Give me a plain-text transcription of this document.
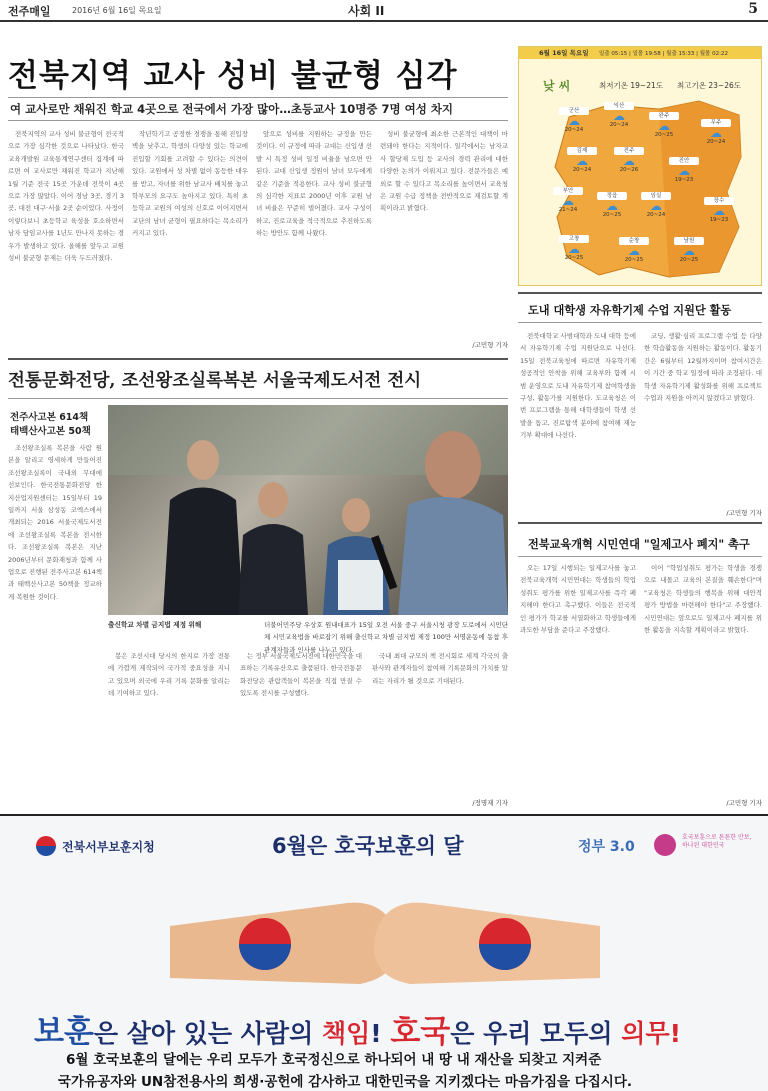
전주매일	2016년 6월 16일 목요일	사회 II	5
전북지역 교사 성비 불균형 심각
여 교사로만 채워진 학교 4곳으로 전국에서 가장 많아…초등교사 10명중 7명 여성 차지

전북지역의 교사 성비 불균형이 전국적으로 가장 심각한 것으로 나타났다. 한국교육개발원 교육통계연구센터 집계에 따르면 여 교사로만 채워진 학교가 지난해 1월 기준 전국 15곳 가운데 전북이 4곳으로 가장 많았다. 이어 경남 3곳, 경기 3곳, 대전 대구·서울 2곳 순이었다. 사정이 이렇다보니 초등학교 육성을 호소하면서 남자 담임교사를 1년도 만나지 못하는 경우가 발생하고 있다. 올해를 앞두고 교원 성비 불균형 문제는 더욱 두드러졌다.

작년학기고 공정한 경쟁을 통해 진입장벽을 낮추고, 학생의 다양성 있는 학교에 진입할 기회를 고려할 수 있다는 의견이 있다. 교원에서 성 차별 없이 동등한 대우를 받고, 자녀를 위한 남교사 배치를 놓고 학부모의 요구도 높아지고 있다. 특히 초등학교 교원의 여성의 신호로 이어지면서 교단의 남녀 균형이 필요하다는 목소리가 커지고 있다.

앞으로 성비를 지원하는 규정을 만든 것이다. 이 규정에 따라 교대는 신입생 선발 시 특정 성비 일정 비율을 넘으면 안 된다. 교대 신입생 정원이 남녀 모두에게 같은 기준을 적용한다. 교사 성비 불균형의 심각한 지표로 2000년 이후 교원 남녀 비율은 꾸준히 벌어졌다. 교사 구성이 하고, 진로교육을 적극적으로 추진하도록 하는 방안도 함께 나왔다.

성비 불균형에 최소한 근본적인 대책이 마련돼야 한다는 지적이다. 일각에서는 남자교사 할당제 도입 등 교사의 경력 관리에 대한 다양한 논의가 이뤄지고 있다. 전문가들은 예외로 할 수 있다고 목소리를 높이면서 교육청은 교원 수급 정책을 전반적으로 재검토할 계획이라고 밝혔다.

/고민형 기자
6월 16일 목요일 일출 05:15 | 일몰 19:58 | 월출 15:33 | 월몰 02:22
낮 씨	최저기온 19~21도 최고기온 23~26도
군산
☁
20~24
익산
☁
20~24
완주
☁
20~25
무주
☁
20~24
김제
☁
20~24
전주
☁
20~26
진안
☁
19~23
부안
☁
21~24
정읍
☁
20~25
임실
☁
20~24
장수
☁
19~23
고창
☁
20~25
순창
☁
20~25
남원
☁
20~25
도내 대학생 자유학기제 수업 지원단 활동

전북대학교 사범대학과 도내 대학 등에서 자유학기제 수업 지원단으로 나선다. 15일 전북교육청에 따르면 자유학기제 성공적인 안착을 위해 교육부와 함께 시범 운영으로 도내 자유학기제 참여학생을 구성, 활동가를 지원한다. 도교육청은 이번 프로그램을 통해 대학생들이 학생 선발을 돕고, 진로탐색 분야에 참여해 재능기부 확대에 나선다.

코딩, 생활·심리 프로그램 수업 등 다양한 학습활동을 지원하는 활동이다. 활동기간은 6월부터 12월까지이며 참여시간은 이 기간 중 학교 일정에 따라 조정된다. 대학생 자유학기제 활성화를 위해 프로젝트 수업과 지원을 아끼지 않겠다고 밝혔다.

/고민형 기자
전통문화전당, 조선왕조실록복본 서울국제도서전 전시
전주사고본 614책
태백산사고본 50책

조선왕조실록 복본을 사람 원본을 알리고 영세하게 만들어진 조선왕조실록이 국내외 무대에 선보인다. 한국전통문화전당 한지산업지원센터는 15일부터 19일까지 서울 삼성동 코엑스에서 개최되는 2016 서울국제도서전에 조선왕조실록 복본을 전시한다. 조선왕조실록 복본은 지난 2006년부터 문화재청과 함께 사업으로 진행된 전주사고본 614책과 태백산사고본 50책을 정교하게 복원한 것이다.

출신학교 차별 금지법 제정 위해	더불어민주당 우상호 원내대표가 15일 오전 서울 중구 서울시청 광장 도로에서 시민단체 시민교육법을 바로잡기 위해 출신학교 차별 금지법 제정 100만 서명운동에 동참 후 관계자들과 인사를 나누고 있다.

봉은 조선시대 당시의 한지로 가장 전통에 가깝게 제작되어 국가적 중요성을 지니고 있으며 외국에 우리 기록 문화를 알리는 데 기여하고 있다.

는 정부 서울국제도서전에 대한민국을 대표하는 기록유산으로 출품된다. 한국전통문화전당은 관람객들이 복본을 직접 만질 수 있도록 전시를 구성했다.

국내 최대 규모의 책 전시회로 세계 각국의 출판사와 관계자들이 참여해 기록문화의 가치를 알리는 자리가 될 것으로 기대된다.

/정명재 기자
전북교육개혁 시민연대 "일제고사 폐지" 촉구

오는 17일 시행되는 일제고사를 놓고 전북교육개혁 시민연대는 학생들의 학업성취도 평가를 위한 일제고사를 즉각 폐지해야 한다고 촉구했다. 이들은 전국적인 평가가 학교를 서열화하고 학생들에게 과도한 부담을 준다고 주장했다.

이어 "학업성취도 평가는 학생을 경쟁으로 내몰고 교육의 본질을 훼손한다"며 "교육청은 학생들의 행복을 위해 대안적 평가 방법을 마련해야 한다"고 주장했다. 시민연대는 앞으로도 일제고사 폐지를 위한 활동을 지속할 계획이라고 밝혔다.

/고민형 기자
전북서부보훈지청	6월은 호국보훈의 달	정부 3.0
호국보훈으로 튼튼한 안보, 하나된 대한민국
보훈은 살아 있는 사람의 책임! 호국은 우리 모두의 의무!
6월 호국보훈의 달에는 우리 모두가 호국정신으로 하나되어 내 땅 내 재산을 되찾고 지켜준
국가유공자와 UN참전용사의 희생·공헌에 감사하고 대한민국을 지키겠다는 마음가짐을 다집시다.
